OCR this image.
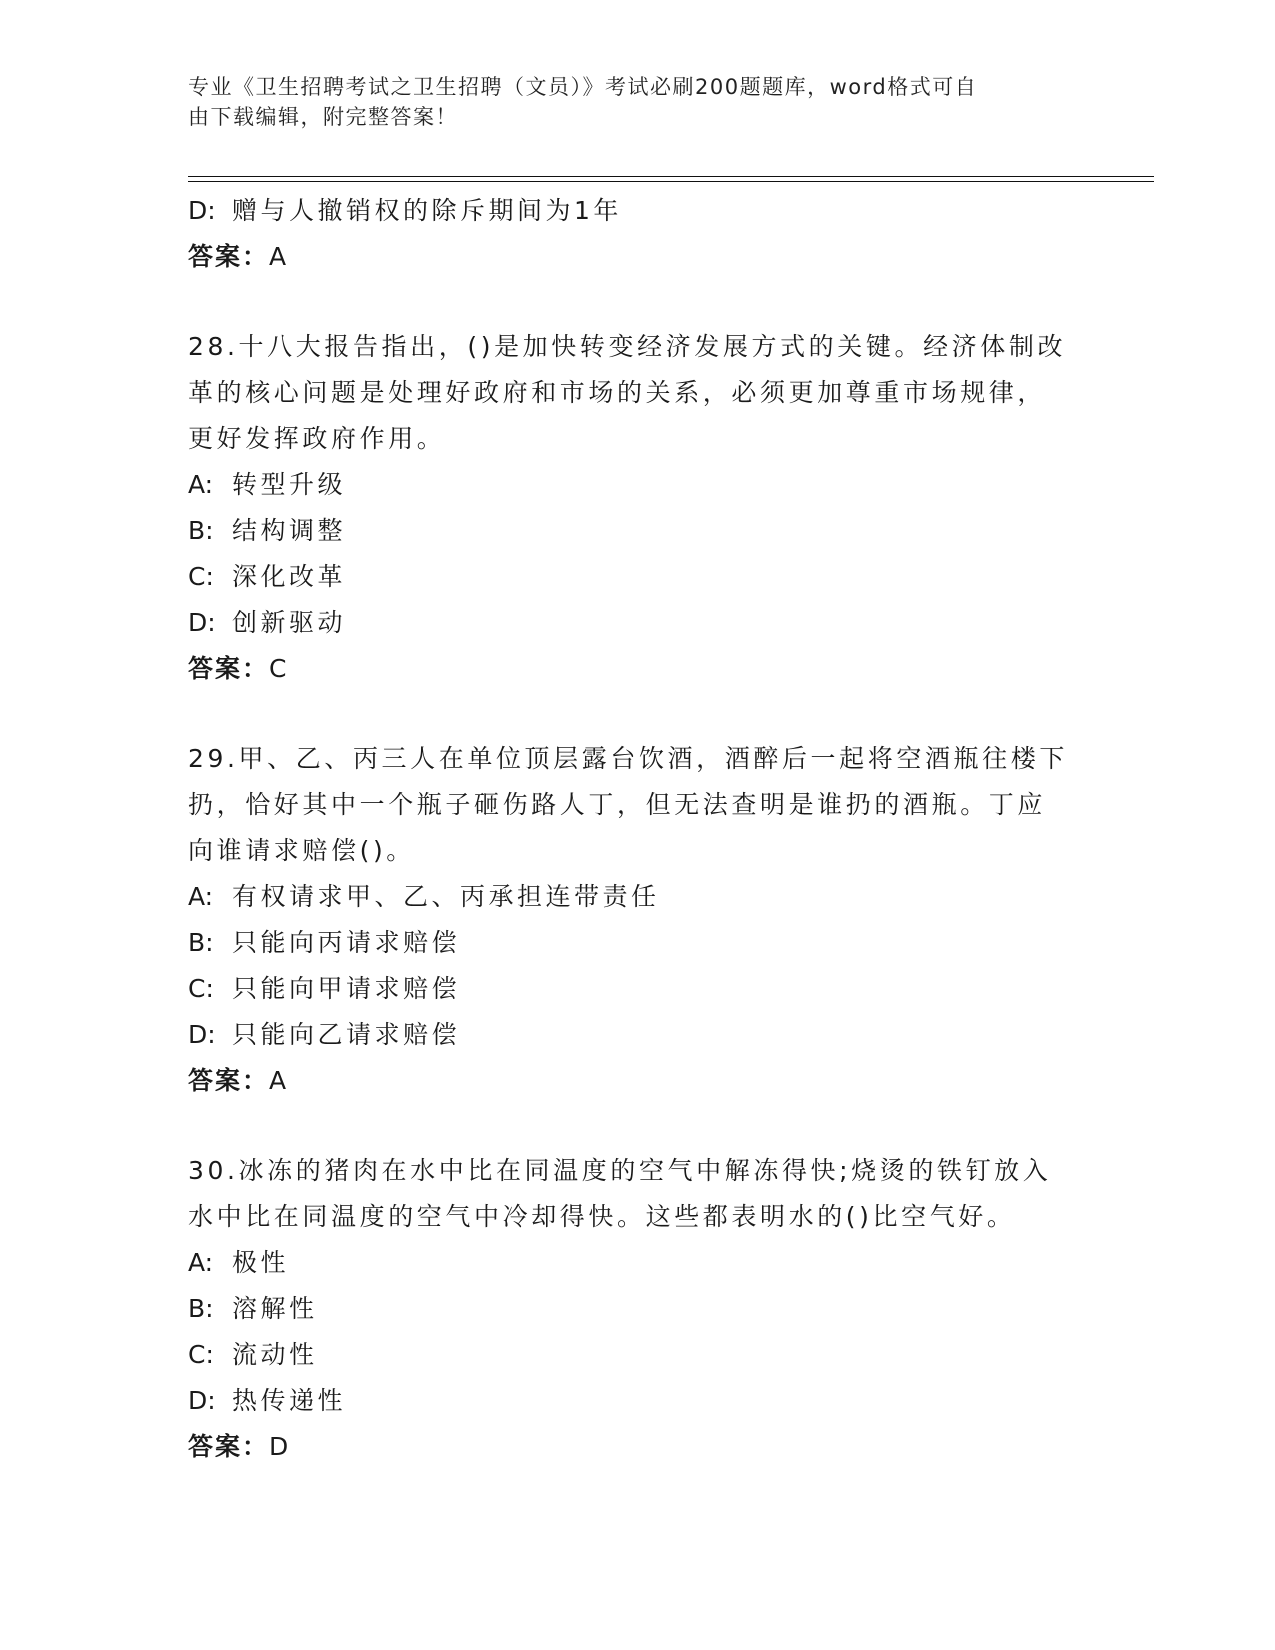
专业《卫生招聘考试之卫生招聘（文员）》考试必刷200题题库，word格式可自
由下载编辑，附完整答案！
D: 赠与人撤销权的除斥期间为1年
答案：A
28.十八大报告指出，()是加快转变经济发展方式的关键。经济体制改
革的核心问题是处理好政府和市场的关系，必须更加尊重市场规律，
更好发挥政府作用。
A: 转型升级
B: 结构调整
C: 深化改革
D: 创新驱动
答案：C
29.甲、乙、丙三人在单位顶层露台饮酒，酒醉后一起将空酒瓶往楼下
扔，恰好其中一个瓶子砸伤路人丁，但无法查明是谁扔的酒瓶。丁应
向谁请求赔偿()。
A: 有权请求甲、乙、丙承担连带责任
B: 只能向丙请求赔偿
C: 只能向甲请求赔偿
D: 只能向乙请求赔偿
答案：A
30.冰冻的猪肉在水中比在同温度的空气中解冻得快;烧烫的铁钉放入
水中比在同温度的空气中冷却得快。这些都表明水的()比空气好。
A: 极性
B: 溶解性
C: 流动性
D: 热传递性
答案：D
